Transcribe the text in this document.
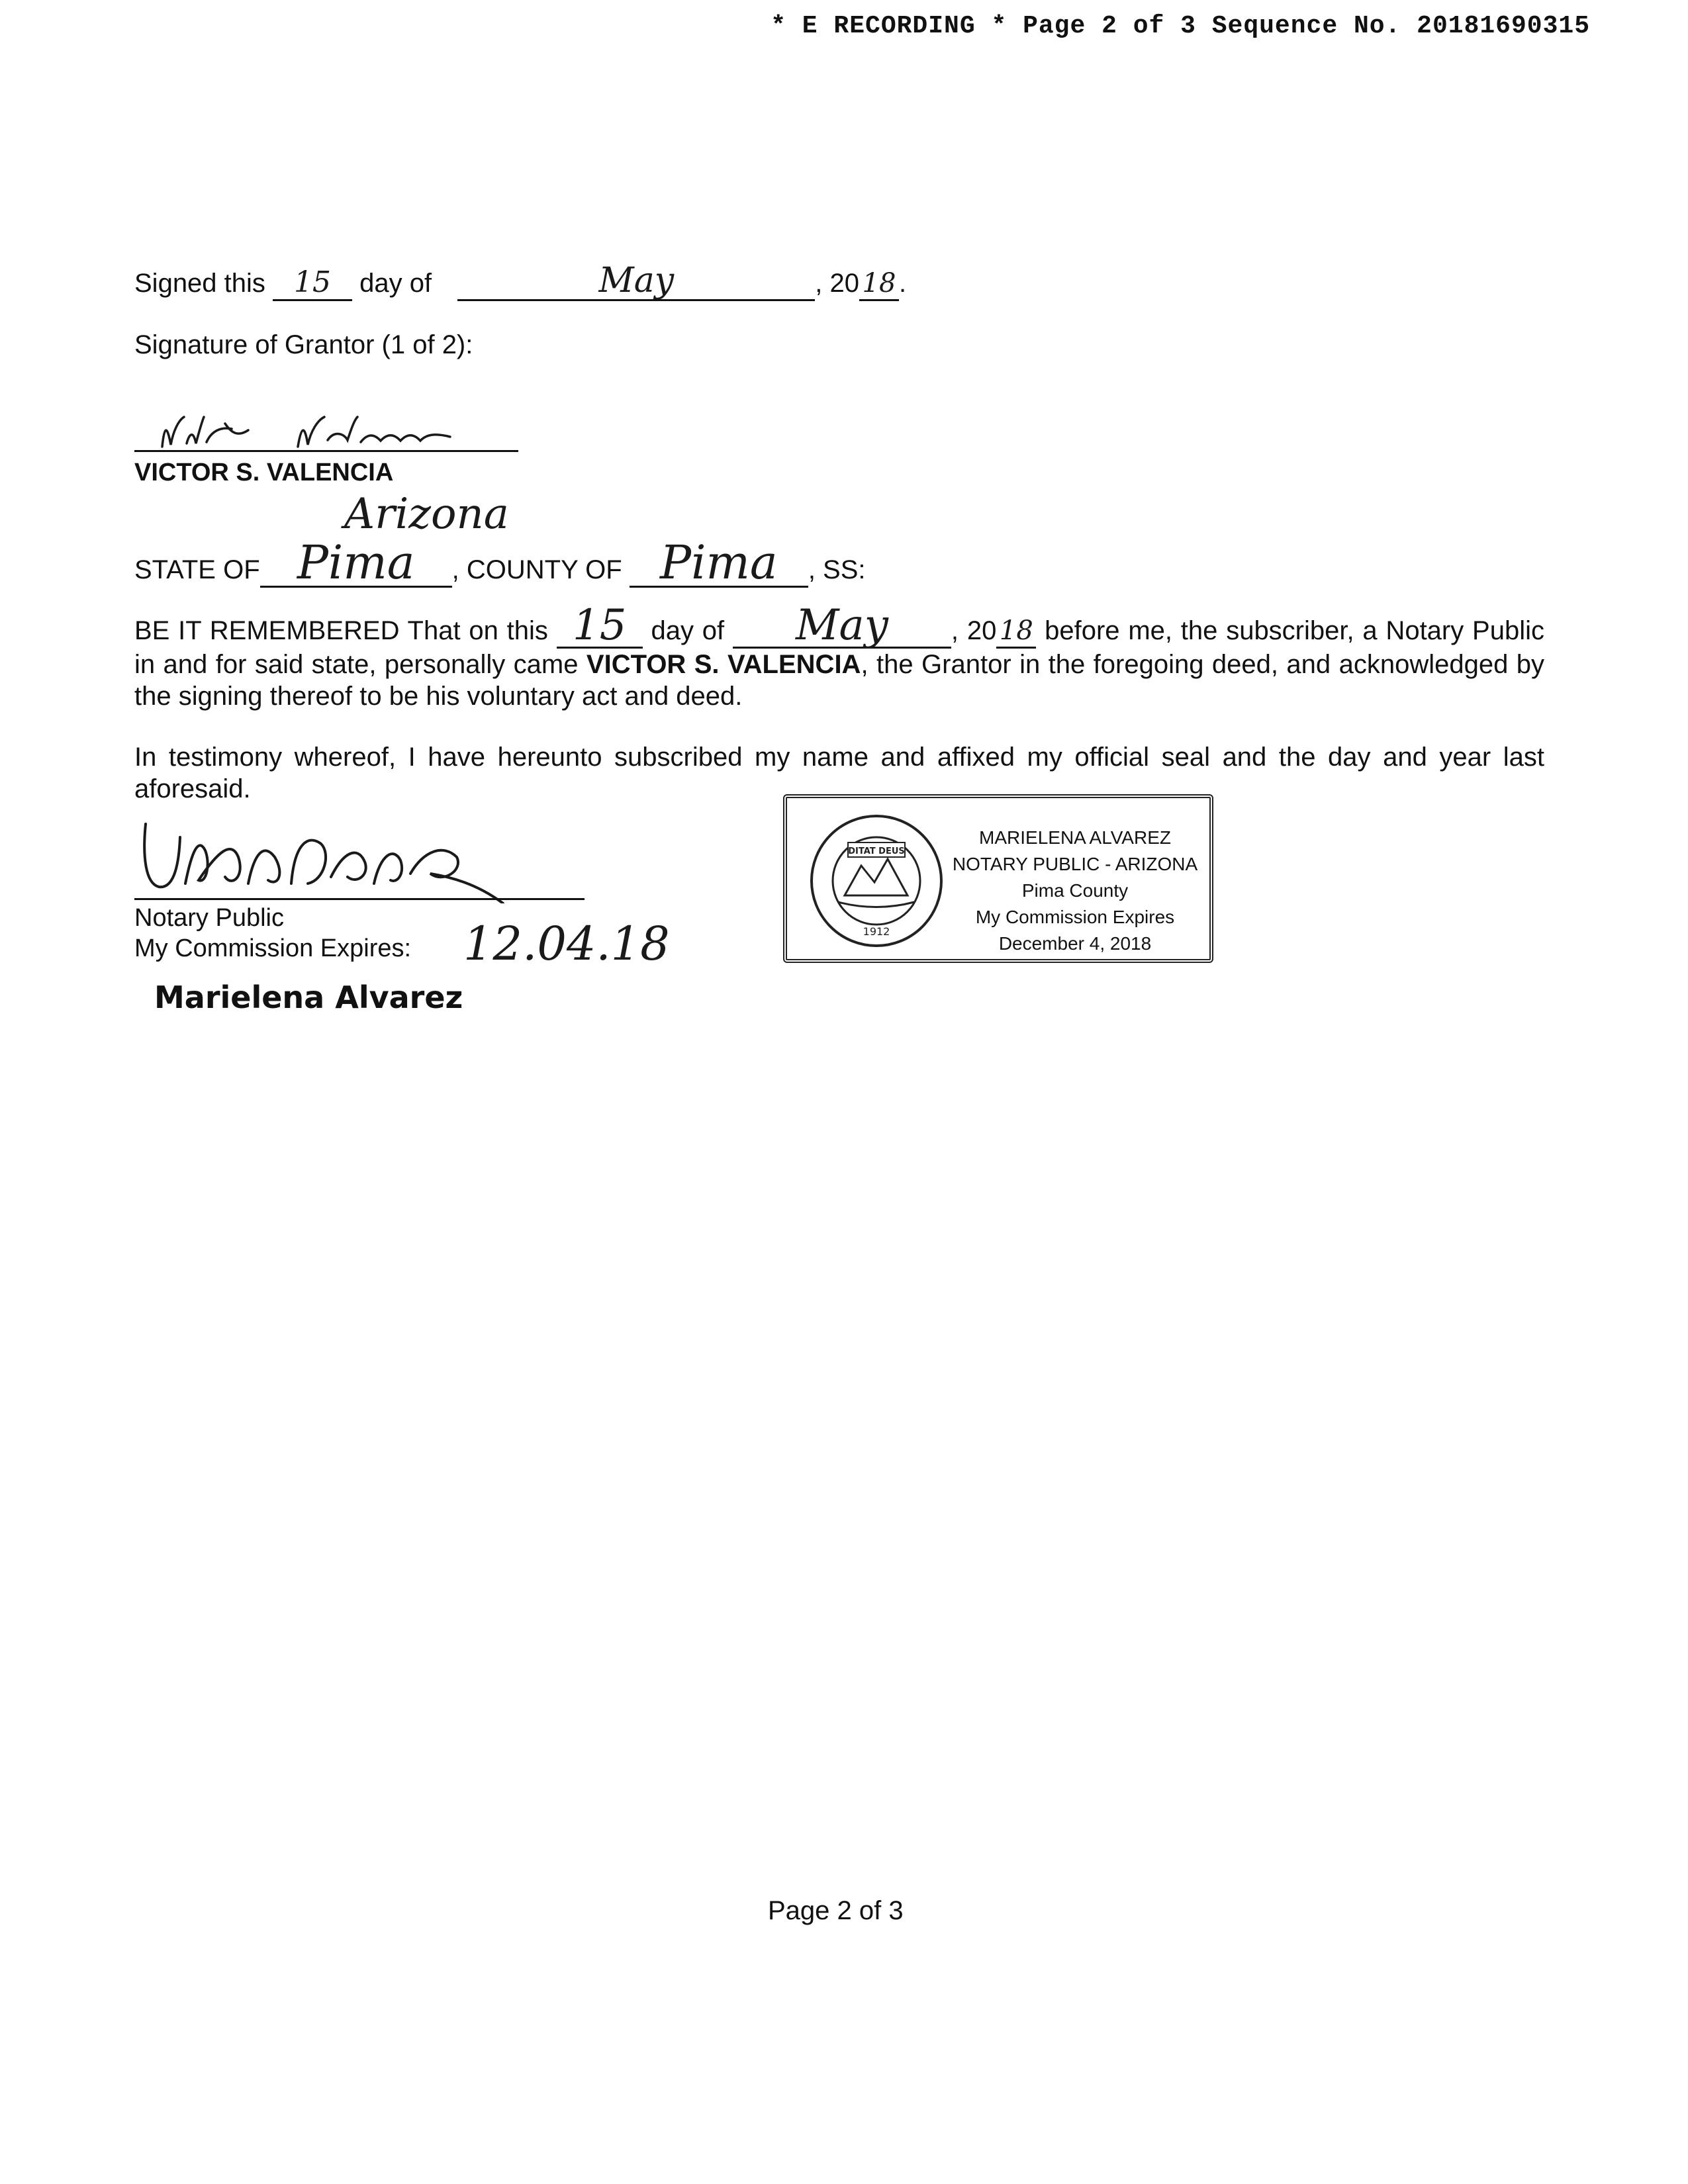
* E RECORDING * Page 2 of 3 Sequence No. 20181690315
Signed this 15 day of	May	, 20 18 .
Signature of Grantor (1 of 2):
VICTOR S. VALENCIA
Arizona
STATE OF Pima , COUNTY OF Pima , SS:
BE IT REMEMBERED That on this 15 day of May , 20 18 before me, the subscriber, a Notary Public in and for said state, personally came VICTOR S. VALENCIA, the Grantor in the foregoing deed, and acknowledged by the signing thereof to be his voluntary act and deed.
In testimony whereof, I have hereunto subscribed my name and affixed my official seal and the day and year last aforesaid.
Notary Public
My Commission Expires: 12.04.18
Marielena Alvarez
DITAT DEUS
1912
MARIELENA ALVAREZ
NOTARY PUBLIC - ARIZONA
Pima County
My Commission Expires
December 4, 2018
Page 2 of 3
